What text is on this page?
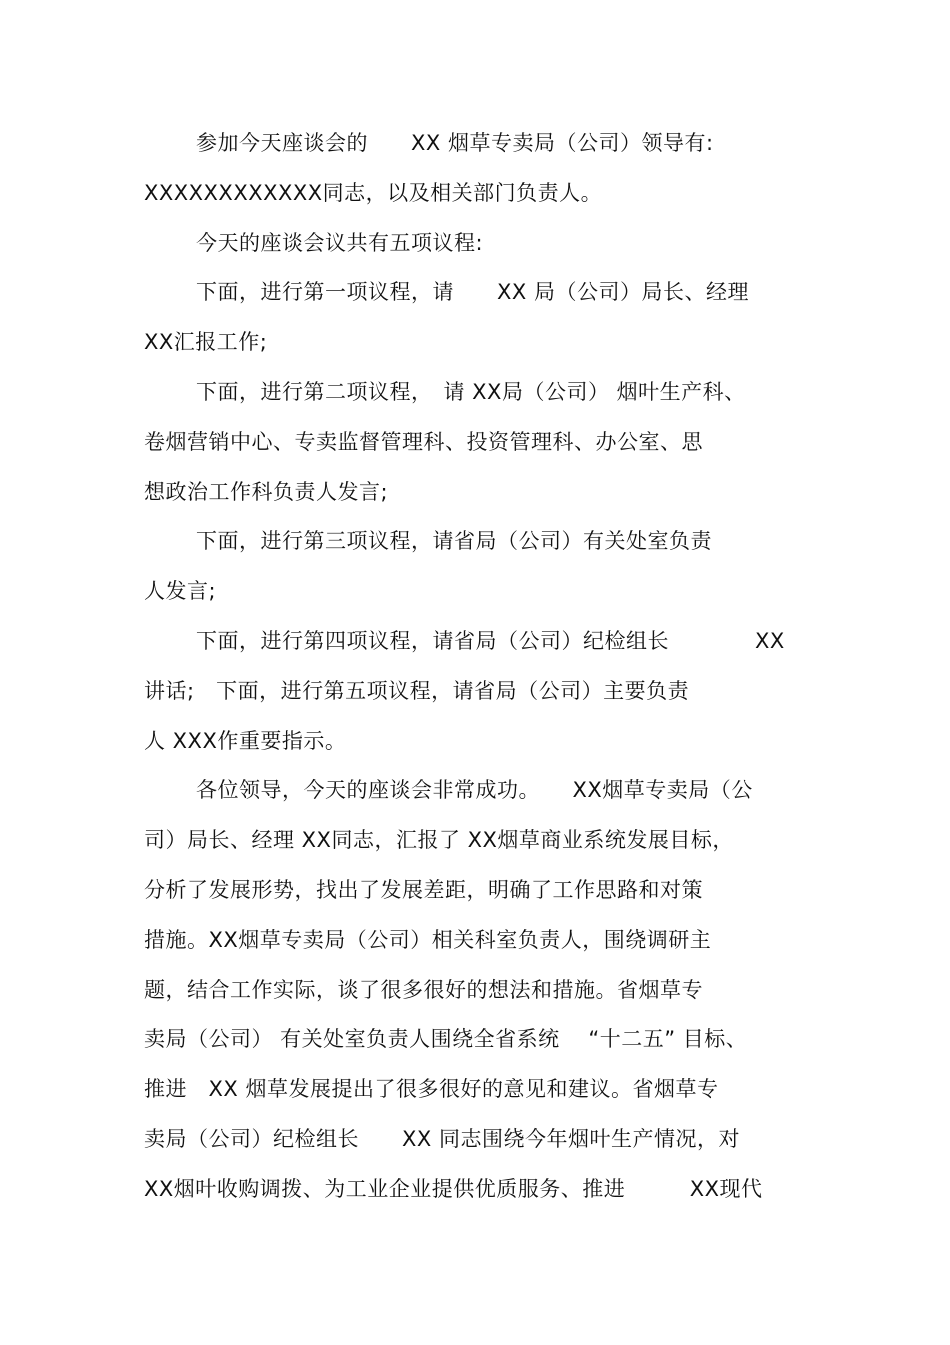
参加今天座谈会的　　XX 烟草专卖局（公司）领导有:
XXXXXXXXXXXX同志，以及相关部门负责人。
今天的座谈会议共有五项议程:
下面，进行第一项议程，请　　XX 局（公司）局长、经理
XX汇报工作;
下面，进行第二项议程，　请 XX局（公司） 烟叶生产科、
卷烟营销中心、专卖监督管理科、投资管理科、办公室、思
想政治工作科负责人发言;
下面，进行第三项议程，请省局（公司）有关处室负责
人发言;
下面，进行第四项议程，请省局（公司）纪检组长　　　　XX
讲话;　下面，进行第五项议程，请省局（公司）主要负责
人 XXX作重要指示。
各位领导，今天的座谈会非常成功。　　XX烟草专卖局（公
司）局长、经理 XX同志，汇报了 XX烟草商业系统发展目标，
分析了发展形势，找出了发展差距，明确了工作思路和对策
措施。XX烟草专卖局（公司）相关科室负责人，围绕调研主
题，结合工作实际，谈了很多很好的想法和措施。省烟草专
卖局（公司） 有关处室负责人围绕全省系统　 “十二五” 目标、
推进　XX 烟草发展提出了很多很好的意见和建议。省烟草专
卖局（公司）纪检组长　　XX 同志围绕今年烟叶生产情况，对
XX烟叶收购调拨、为工业企业提供优质服务、推进　　　XX现代
